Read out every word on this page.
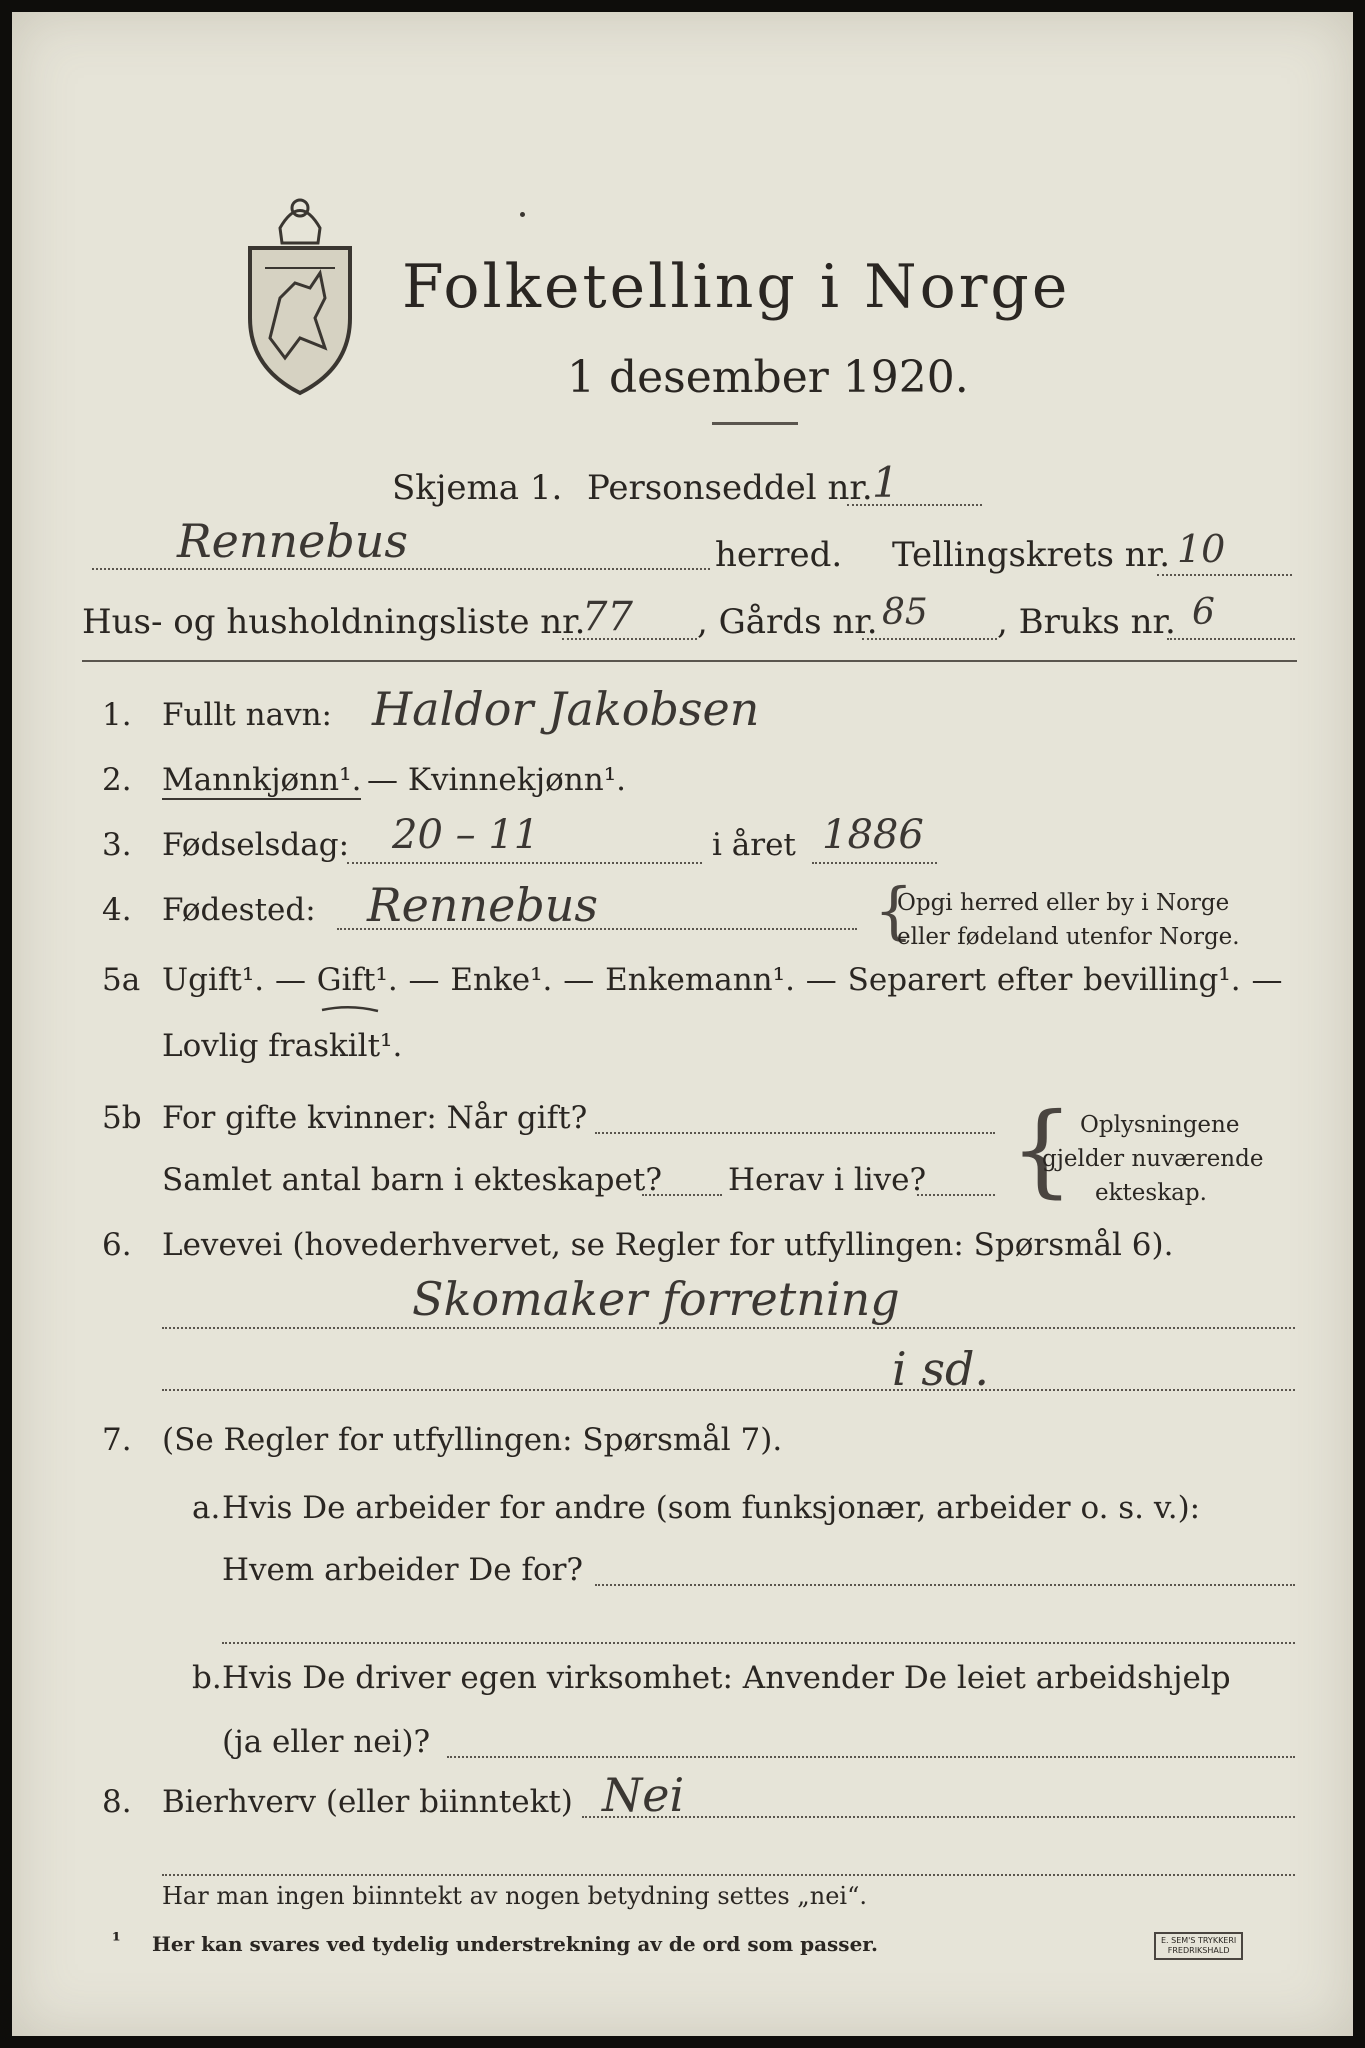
Folketelling i Norge
1 desember 1920.
Skjema 1. Personseddel nr. 1
Rennebus	herred. Tellingskrets nr. 10
Hus- og husholdningsliste nr.
77 , Gårds nr. 85 , Bruks nr. 6
1. Fullt navn: Haldor Jakobsen
2. Mannkjønn¹. — Kvinnekjønn¹.
3. Fødselsdag: 20 – 11	i året 1886
4. Fødested: Rennebus	{
Opgi herred eller by i Norge
eller fødeland utenfor Norge.
5a Ugift¹. — Gift¹. — Enke¹. — Enkemann¹. — Separert efter bevilling¹. —
Lovlig fraskilt¹.
5b For gifte kvinner: Når gift?
Samlet antal barn i ekteskapet? Herav i live? { Oplysningene
gjelder nuværende
ekteskap.
6. Levevei (hovederhvervet, se Regler for utfyllingen: Spørsmål 6).
Skomaker forretning
i sd.
7. (Se Regler for utfyllingen: Spørsmål 7).
a. Hvis De arbeider for andre (som funksjonær, arbeider o. s. v.):
Hvem arbeider De for?
b. Hvis De driver egen virksomhet: Anvender De leiet arbeidshjelp
(ja eller nei)?
8. Bierhverv (eller biinntekt) Nei
Har man ingen biinntekt av nogen betydning settes „nei“.
¹ Her kan svares ved tydelig understrekning av de ord som passer.	E. SEM'S TRYKKERI
FREDRIKSHALD
